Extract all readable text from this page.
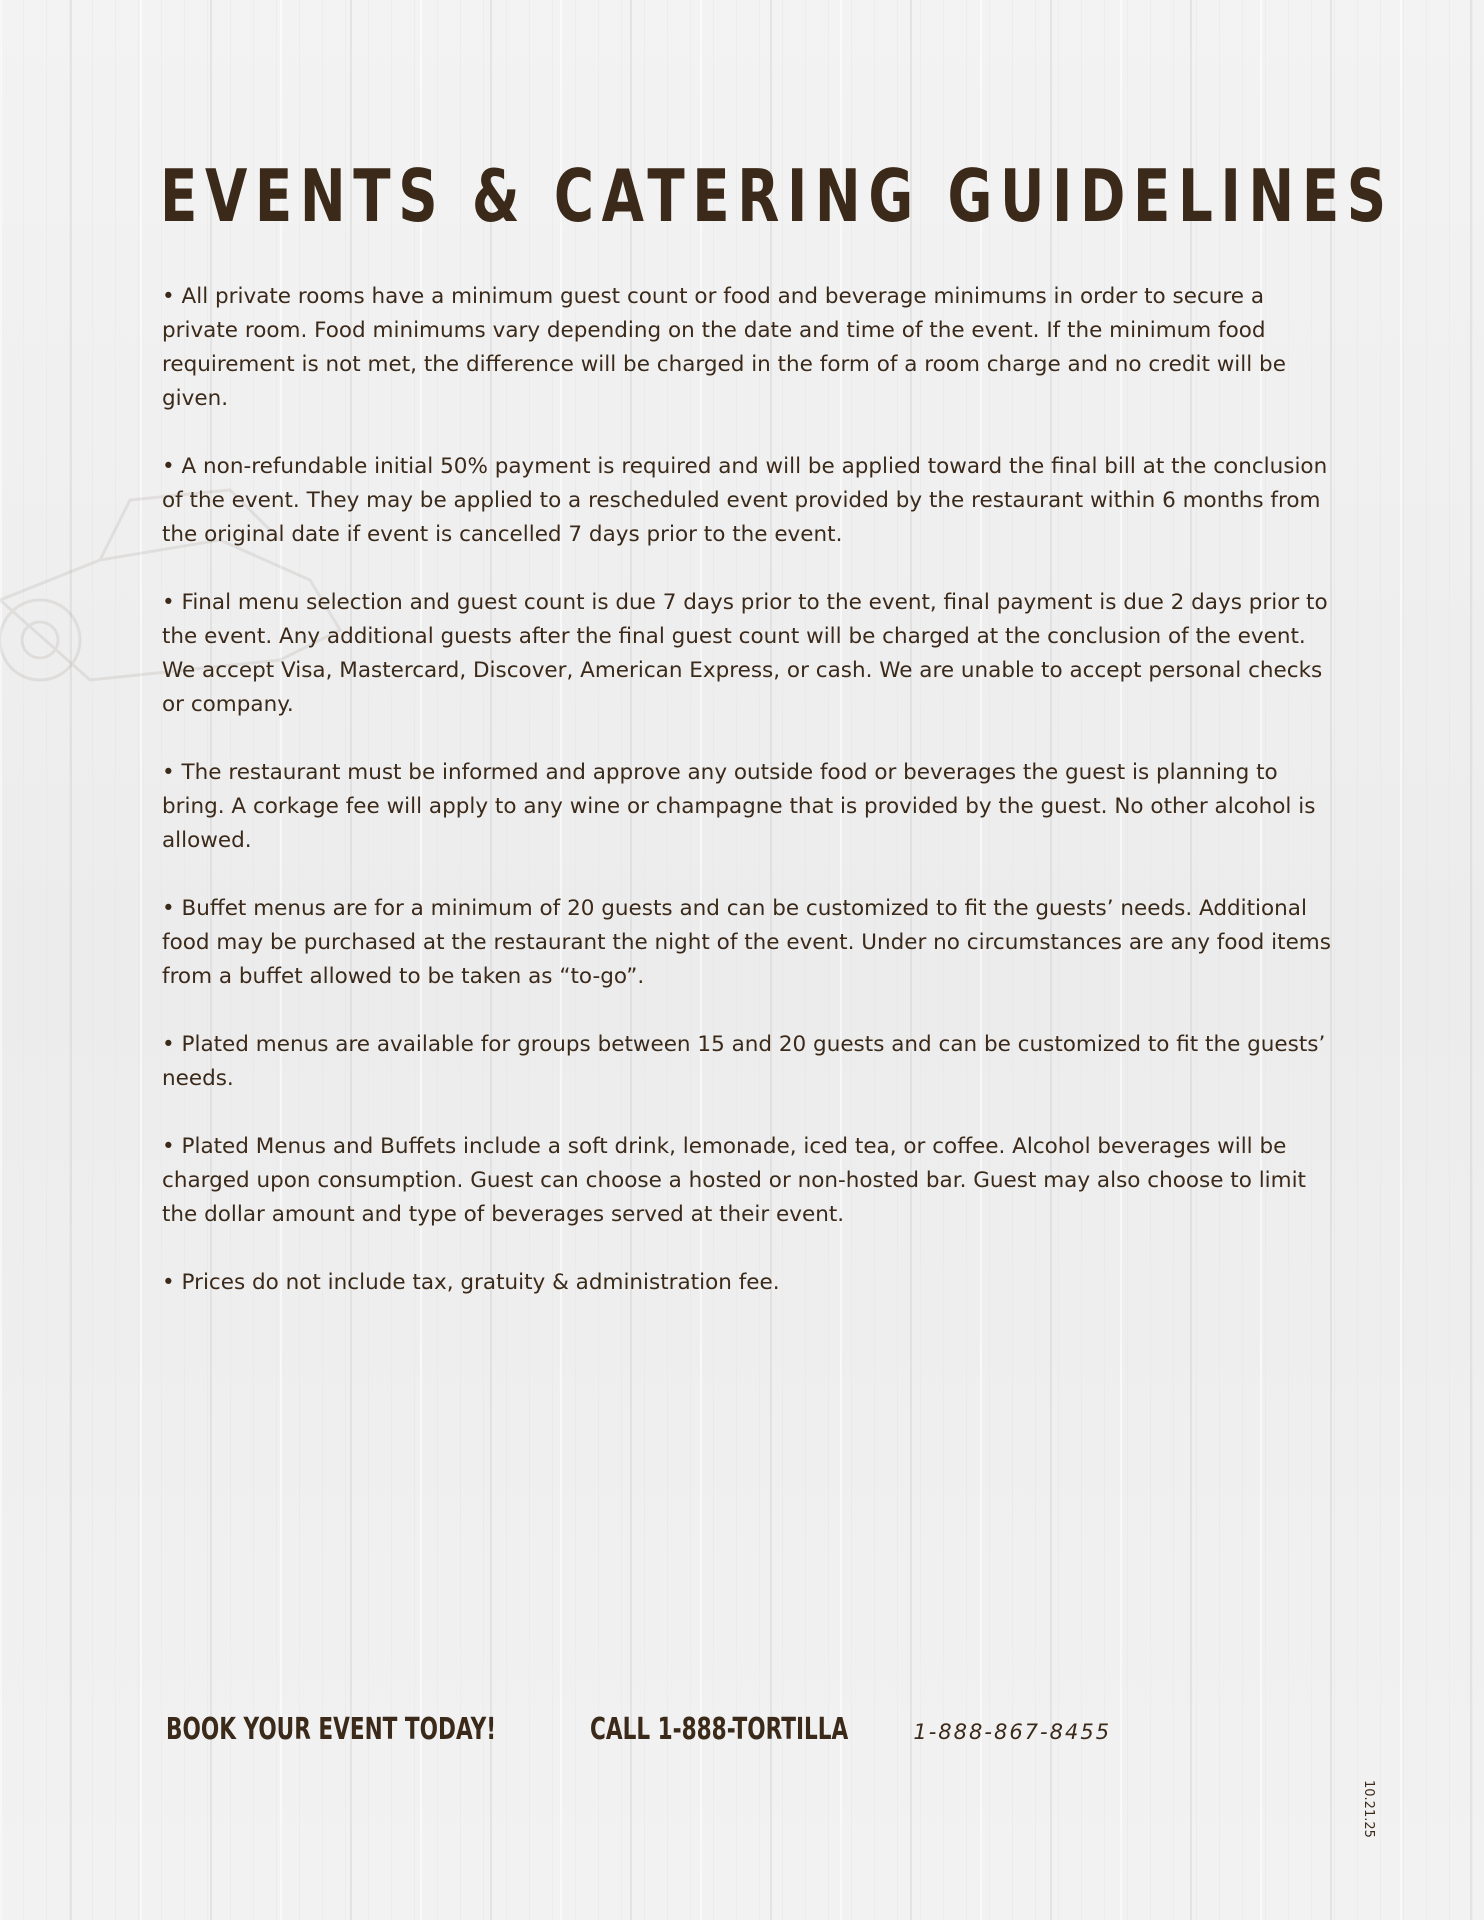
EVENTS & CATERING GUIDELINES
• All private rooms have a minimum guest count or food and beverage minimums in order to secure a private room. Food minimums vary depending on the date and time of the event. If the minimum food requirement is not met, the difference will be charged in the form of a room charge and no credit will be given.
• A non-refundable initial 50% payment is required and will be applied toward the final bill at the conclusion of the event. They may be applied to a rescheduled event provided by the restaurant within 6 months from the original date if event is cancelled 7 days prior to the event.
• Final menu selection and guest count is due 7 days prior to the event, final payment is due 2 days prior to the event. Any additional guests after the final guest count will be charged at the conclusion of the event. We accept Visa, Mastercard, Discover, American Express, or cash. We are unable to accept personal checks or company.
• The restaurant must be informed and approve any outside food or beverages the guest is planning to bring. A corkage fee will apply to any wine or champagne that is provided by the guest. No other alcohol is allowed.
• Buffet menus are for a minimum of 20 guests and can be customized to fit the guests’ needs. Additional food may be purchased at the restaurant the night of the event. Under no circumstances are any food items from a buffet allowed to be taken as “to-go”.
• Plated menus are available for groups between 15 and 20 guests and can be customized to fit the guests’ needs.
• Plated Menus and Buffets include a soft drink, lemonade, iced tea, or coffee. Alcohol beverages will be charged upon consumption. Guest can choose a hosted or non-hosted bar. Guest may also choose to limit the dollar amount and type of beverages served at their event.
• Prices do not include tax, gratuity & administration fee.
BOOK YOUR EVENT TODAY!	CALL 1-888-TORTILLA	1-888-867-8455
10.21.25
